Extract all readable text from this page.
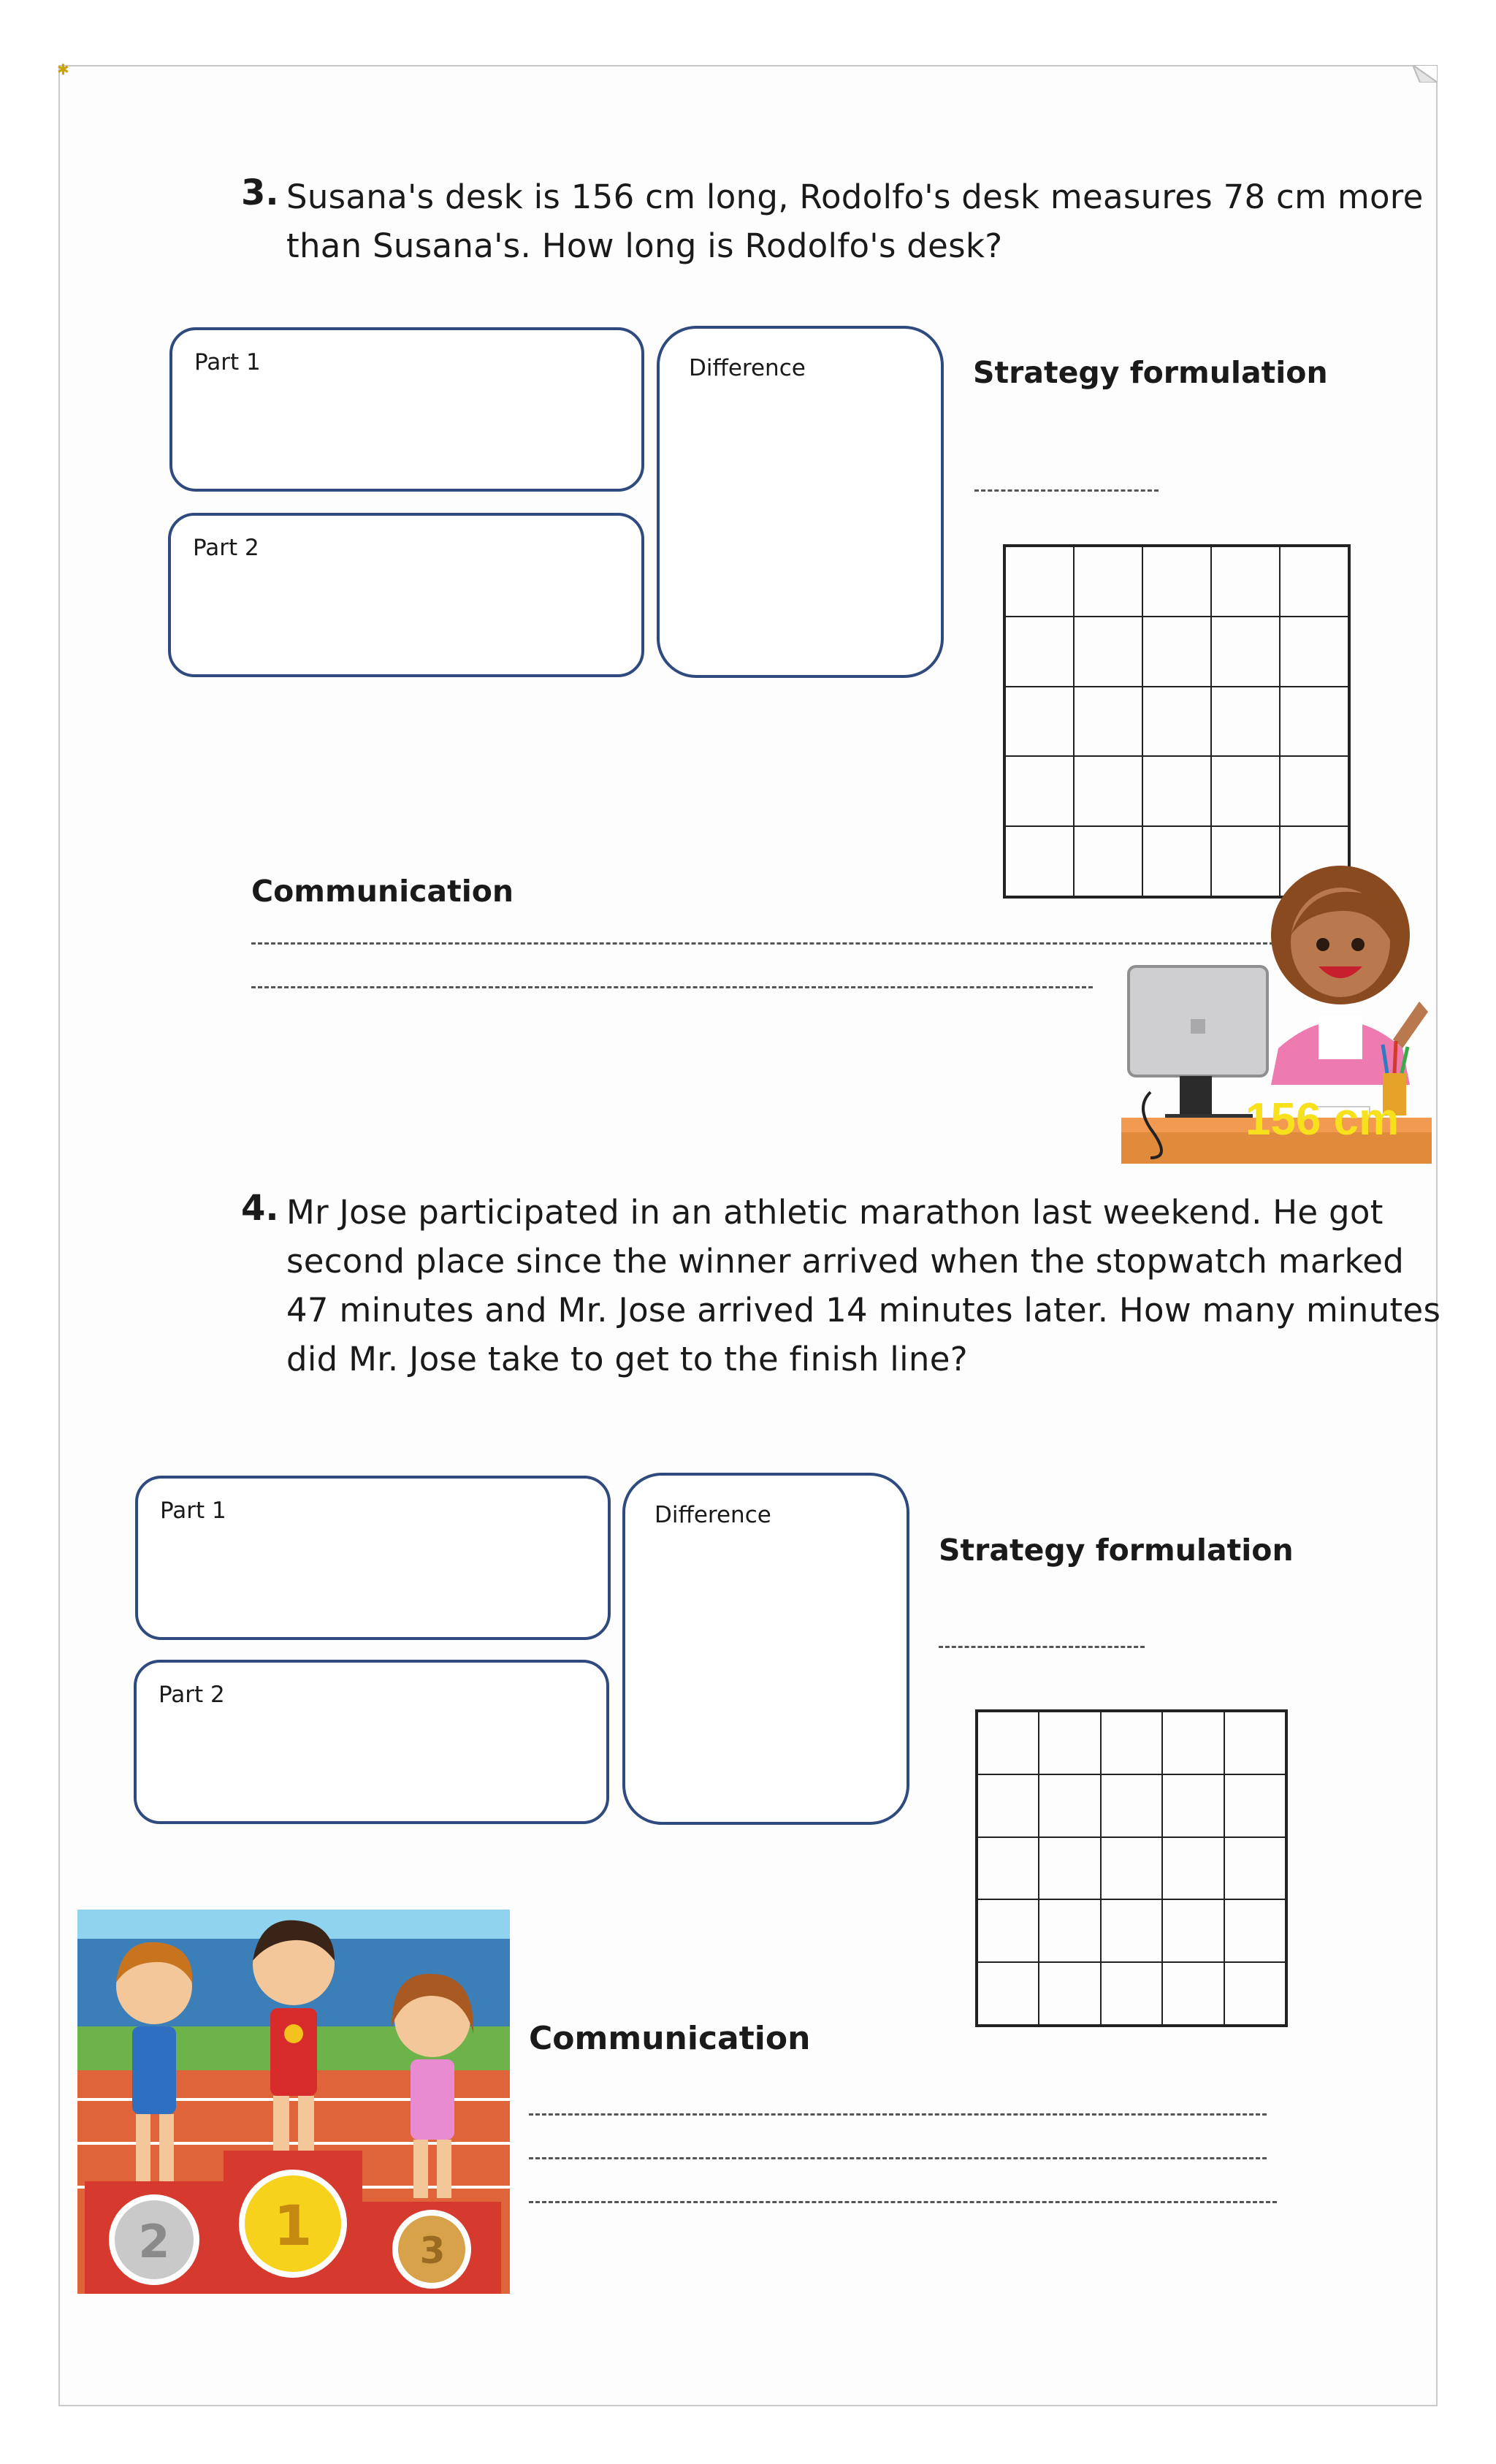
✱
3. Susana's desk is 156 cm long, Rodolfo's desk measures 78 cm more
than Susana's. How long is Rodolfo's desk?
Part 1
Part 2
Difference	Strategy formulation

Communication
156 cm
4. Mr Jose participated in an athletic marathon last weekend. He got
second place since the winner arrived when the stopwatch marked
47 minutes and Mr. Jose arrived 14 minutes later. How many minutes
did Mr. Jose take to get to the finish line?
Part 1
Part 2
Difference
Strategy formulation

Communication
2 1	3
